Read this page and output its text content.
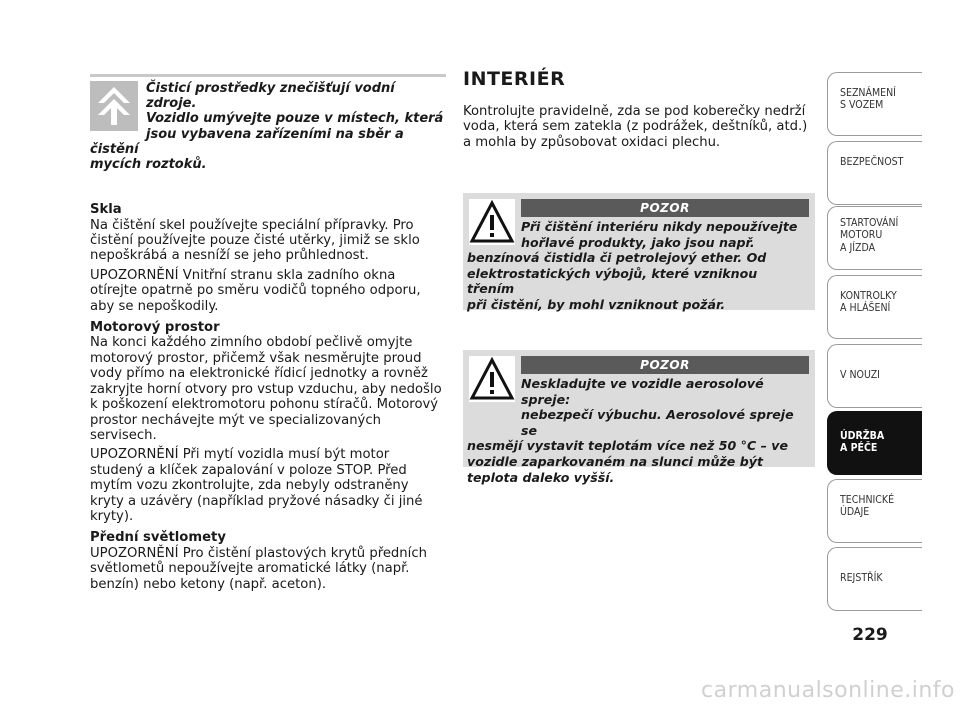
Čisticí prostředky znečišťují vodní zdroje.
Vozidlo umývejte pouze v místech, která
jsou vybavena zařízeními na sběr a čistění
mycích roztoků.

Skla

Na čištění skel používejte speciální přípravky. Pro čistění používejte pouze čisté utěrky, jimiž se sklo nepoškrábá a nesníží se jeho průhlednost.

UPOZORNĚNÍ Vnitřní stranu skla zadního okna otírejte opatrně po směru vodičů topného odporu, aby se nepoškodily.

Motorový prostor

Na konci každého zimního období pečlivě omyjte motorový prostor, přičemž však nesměrujte proud vody přímo na elektronické řídicí jednotky a rovněž zakryjte horní otvory pro vstup vzduchu, aby nedošlo k poškození elektromotoru pohonu stíračů. Motorový prostor nechávejte mýt ve specializovaných servisech.

UPOZORNĚNÍ Při mytí vozidla musí být motor studený a klíček zapalování v poloze STOP. Před mytím vozu zkontrolujte, zda nebyly odstraněny kryty a uzávěry (například pryžové násadky či jiné kryty).

Přední světlomety

UPOZORNĚNÍ Pro čistění plastových krytů předních světlometů nepoužívejte aromatické látky (např. benzín) nebo ketony (např. aceton).

INTERIÉR

Kontrolujte pravidelně, zda se pod koberečky nedrží voda, která sem zatekla (z podrážek, deštníků, atd.) a mohla by způsobovat oxidaci plechu.

POZOR
Při čištění interiéru nikdy nepoužívejte
hořlavé produkty, jako jsou např.
benzínová čistidla či petrolejový ether. Od
elektrostatických výbojů, které vzniknou třením
při čistění, by mohl vzniknout požár.
POZOR
Neskladujte ve vozidle aerosolové spreje:
nebezpečí výbuchu. Aerosolové spreje se
nesmějí vystavit teplotám více než 50 °C – ve
vozidle zaparkovaném na slunci může být
teplota daleko vyšší.
SEZNÁMENÍ
S VOZEM
BEZPEČNOST
STARTOVÁNÍ
MOTORU
A JÍZDA
KONTROLKY
A HLÁŠENÍ
V NOUZI
ÚDRŽBA
A PÉČE
TECHNICKÉ
ÚDAJE
REJSTŘÍK
229
carmanualsonline.info
